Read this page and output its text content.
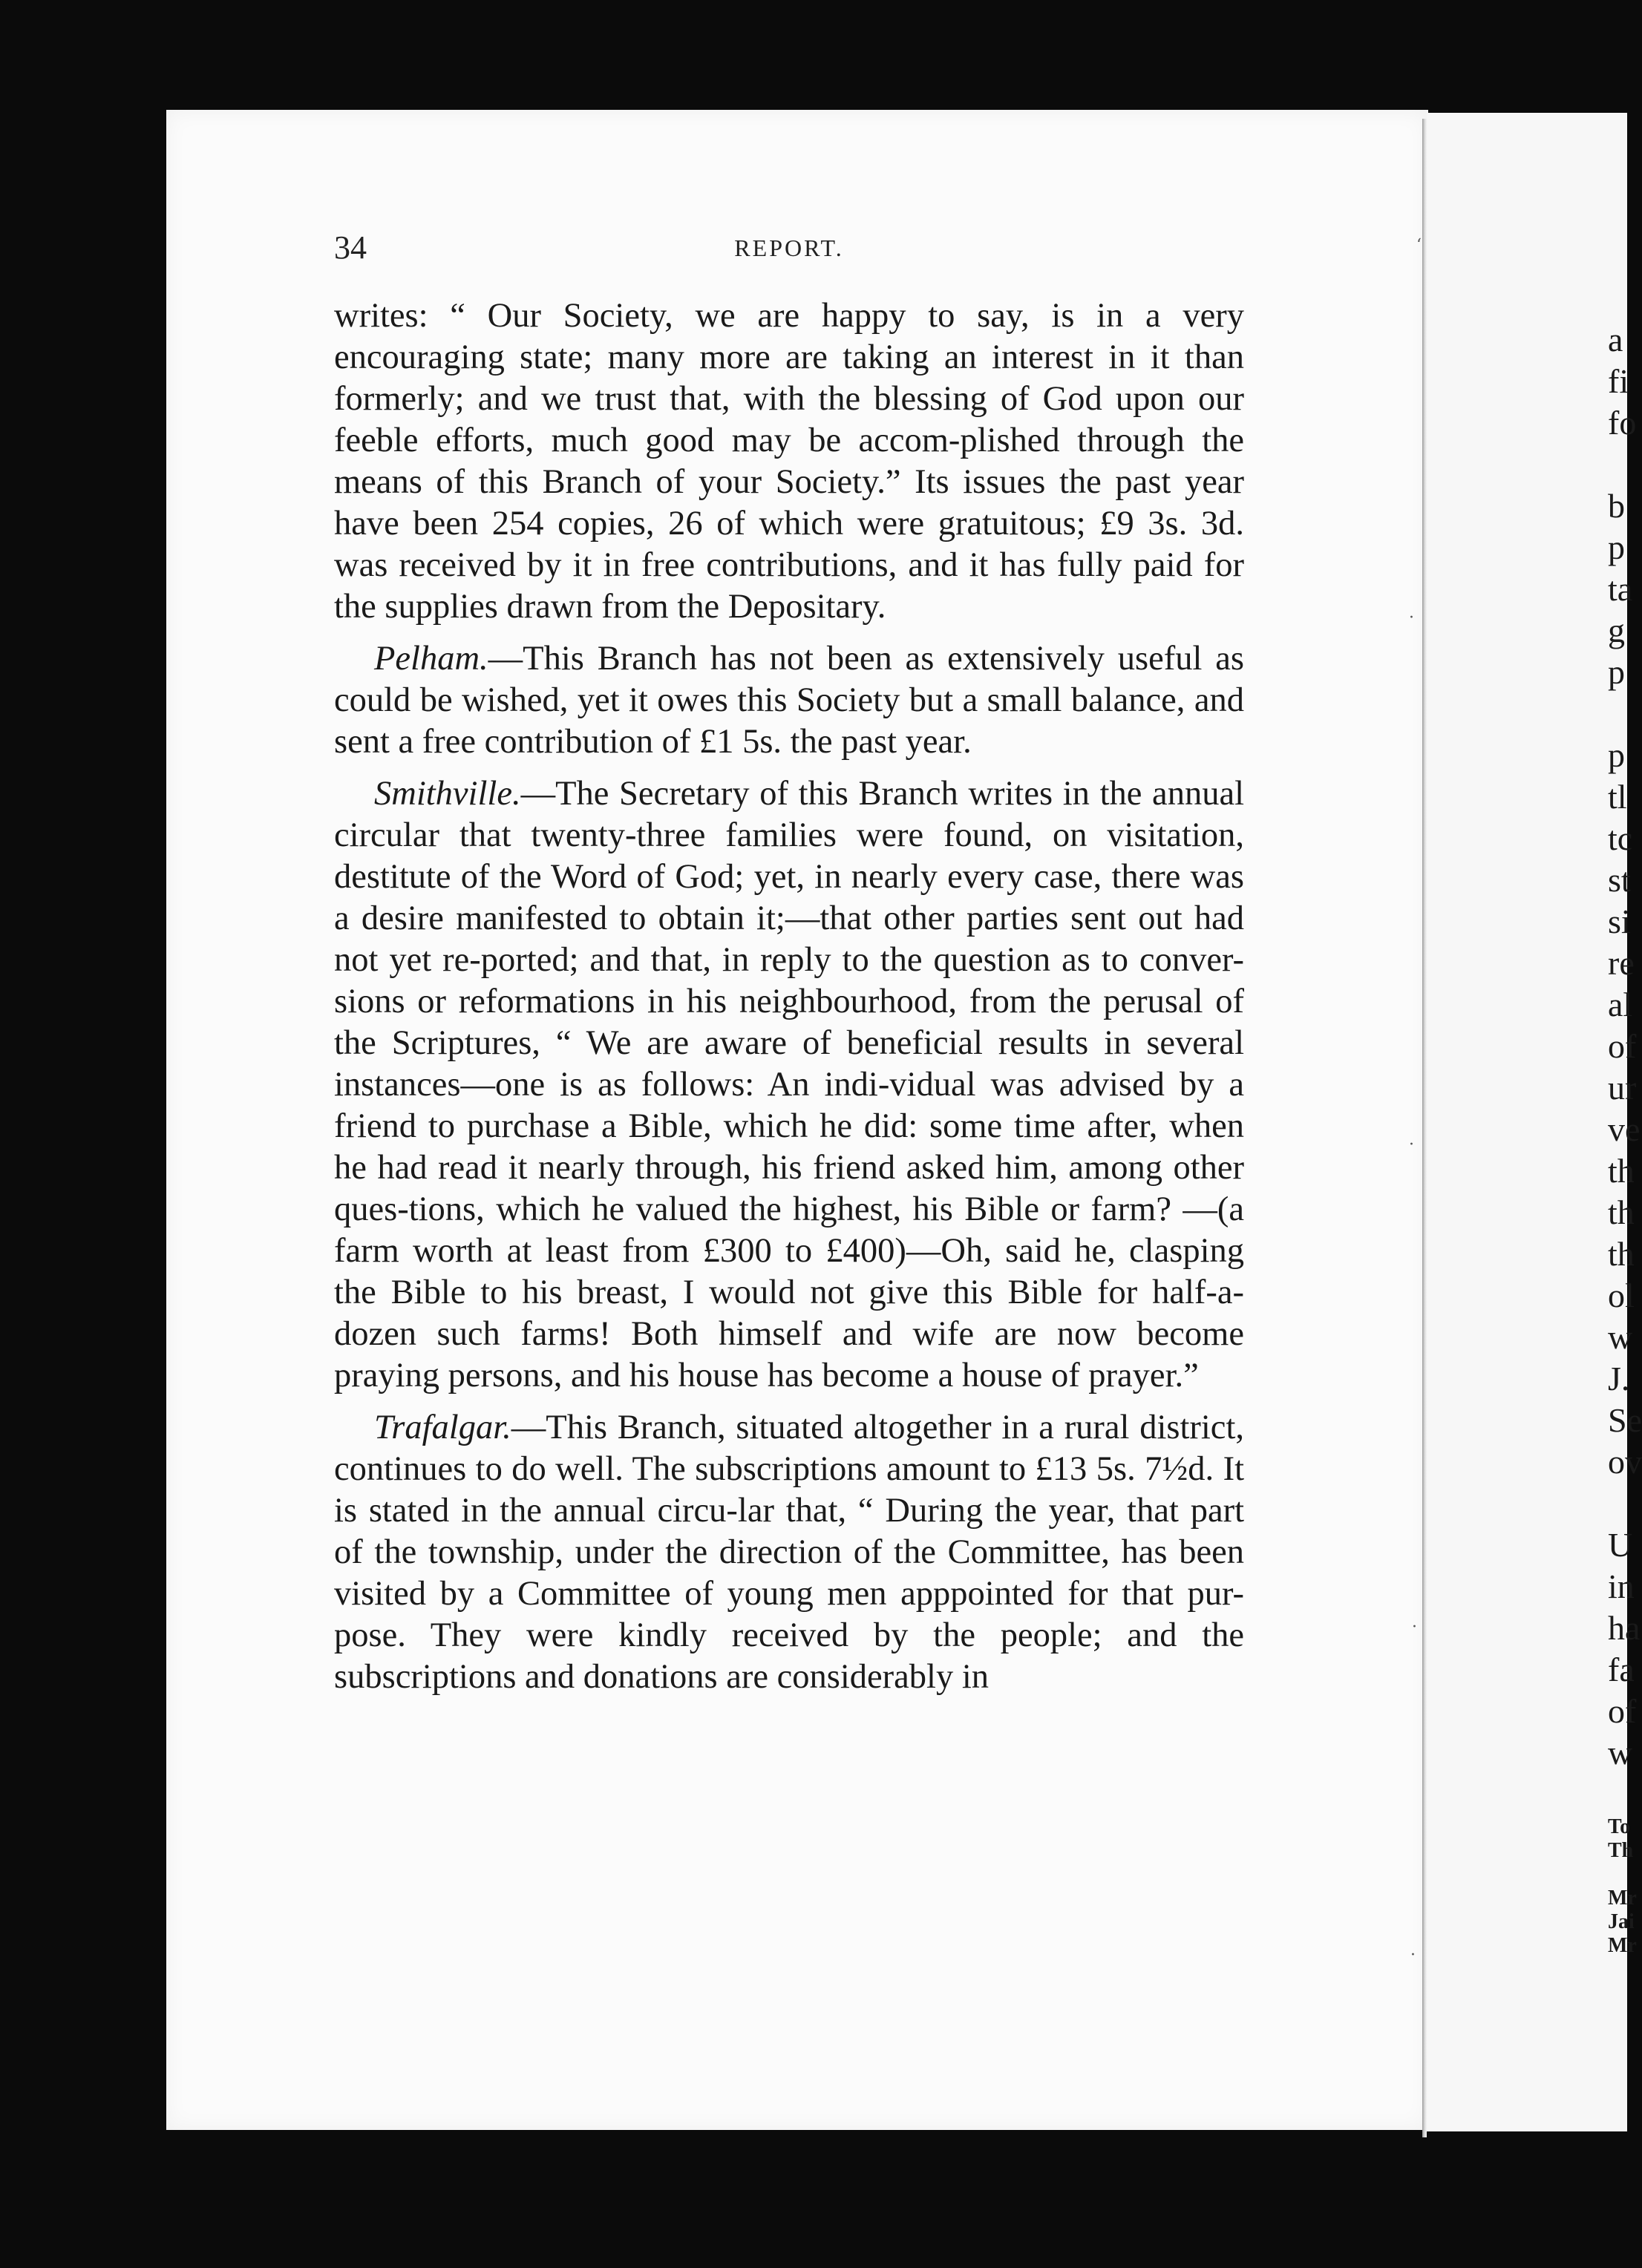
34	REPORT.

writes: “ Our Society, we are happy to say, is in a very encouraging state; many more are taking an interest in it than formerly; and we trust that, with the blessing of God upon our feeble efforts, much good may be accom-plished through the means of this Branch of your Society.” Its issues the past year have been 254 copies, 26 of which were gratuitous; £9 3s. 3d. was received by it in free contributions, and it has fully paid for the supplies drawn from the Depositary.

Pelham.—This Branch has not been as extensively useful as could be wished, yet it owes this Society but a small balance, and sent a free contribution of £1 5s. the past year.

Smithville.—The Secretary of this Branch writes in the annual circular that twenty-three families were found, on visitation, destitute of the Word of God; yet, in nearly every case, there was a desire manifested to obtain it;—that other parties sent out had not yet re-ported; and that, in reply to the question as to conver-sions or reformations in his neighbourhood, from the perusal of the Scriptures, “ We are aware of beneficial results in several instances—one is as follows: An indi-vidual was advised by a friend to purchase a Bible, which he did: some time after, when he had read it nearly through, his friend asked him, among other ques-tions, which he valued the highest, his Bible or farm? —(a farm worth at least from £300 to £400)—Oh, said he, clasping the Bible to his breast, I would not give this Bible for half-a-dozen such farms! Both himself and wife are now become praying persons, and his house has become a house of prayer.”

Trafalgar.—This Branch, situated altogether in a rural district, continues to do well. The subscriptions amount to £13 5s. 7½d. It is stated in the annual circu-lar that, “ During the year, that part of the township, under the direction of the Committee, has been visited by a Committee of young men apppointed for that pur-pose. They were kindly received by the people; and the subscriptions and donations are considerably in

a
fi
fo
b
p
ta
g
p
p
tl
tc
st
si
re
al
of
ur
ve
th
th
th
ol
w
J.
Se
ov
U
in
ha
fa
of
w
To
Th
Mr
Jai
Mr
ʻ
·
·
·
·
